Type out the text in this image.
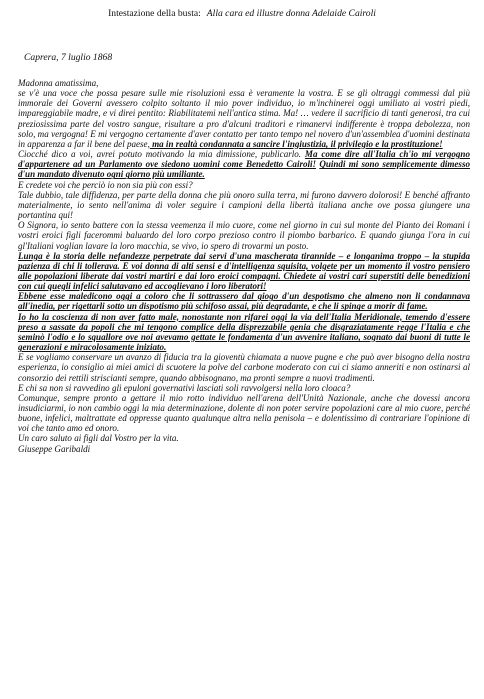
Intestazione della busta: Alla cara ed illustre donna Adelaide Cairoli
Caprera, 7 luglio 1868

Madonna amatissima,

se v'è una voce che possa pesare sulle mie risoluzioni essa è veramente la vostra. E se gli oltraggi commessi dal più immorale dei Governi avessero colpito soltanto il mio pover individuo, io m'inchinerei oggi umiliato ai vostri piedi, impareggiabile madre, e vi direi pentito: Riabilitatemi nell'antica stima. Ma! … vedere il sacrificio di tanti generosi, tra cui preziosissima parte del vostro sangue, risultare a pro d'alcuni traditori e rimanervi indifferente è troppa debolezza, non solo, ma vergogna! E mi vergogno certamente d'aver contatto per tanto tempo nel novero d'un'assemblea d'uomini destinata in apparenza a far il bene del paese, ma in realtà condannata a sancire l'ingiustizia, il privilegio e la prostituzione!

Ciocché dico a voi, avrei potuto motivando la mia dimissione, publicarlo. Ma come dire all'Italia ch'io mi vergogno d'appartenere ad un Parlamento ove siedono uomini come Benedetto Cairoli! Quindi mi sono semplicemente dimesso d'un mandato divenuto ogni giorno più umiliante.

E credete voi che perciò io non sia più con essi?

Tale dubbio, tale diffidenza, per parte della donna che più onoro sulla terra, mi furono davvero dolorosi! E benché affranto materialmente, io sento nell'anima di voler seguire i campioni della libertà italiana anche ove possa giungere una portantina qui!

O Signora, io sento battere con la stessa veemenza il mio cuore, come nel giorno in cui sul monte del Pianto dei Romani i vostri eroici figli facerommi baluardo del loro corpo prezioso contro il piombo barbarico. E quando giunga l'ora in cui gl'Italiani voglian lavare la loro macchia, se vivo, io spero di trovarmi un posto.

Lunga è la storia delle nefandezze perpetrate dai servi d'una mascherata tirannide – e longanima troppo – la stupida pazienza di chi li tollerava. E voi donna di alti sensi e d'intelligenza squisita, volgete per un momento il vostro pensiero alle popolazioni liberate dai vostri martiri e dai loro eroici compagni. Chiedete ai vostri cari superstiti delle benedizioni con cui quegli infelici salutavano ed accoglievano i loro liberatori!

Ebbene esse maledicono oggi a coloro che li sottrassero dal giogo d'un despotismo che almeno non li condannava all'inedia, per rigettarli sotto un dispotismo più schifoso assai, più degradante, e che li spinge a morir di fame.

Io ho la coscienza di non aver fatto male, nonostante non rifarei oggi la via dell'Italia Meridionale, temendo d'essere preso a sassate da popoli che mi tengono complice della disprezzabile genia che disgraziatamente regge l'Italia e che seminò l'odio e lo squallore ove noi avevamo gettate le fondamenta d'un avvenire italiano, sognato dai buoni di tutte le generazioni e miracolosamente iniziato.

E se vogliamo conservare un avanzo di fiducia tra la gioventù chiamata a nuove pugne e che può aver bisogno della nostra esperienza, io consiglio ai miei amici di scuotere la polve del carbone moderato con cui ci siamo anneriti e non ostinarsi al consorzio dei rettili striscianti sempre, quando abbisognano, ma pronti sempre a nuovi tradimenti.

E chi sa non si ravvedino gli epuloni governativi lasciati soli ravvolgersi nella loro cloaca?

Comunque, sempre pronto a gettare il mio rotto individuo nell'arena dell'Unità Nazionale, anche che dovessi ancora insudiciarmi, io non cambio oggi la mia determinazione, dolente di non poter servire popolazioni care al mio cuore, perché buone, infelici, maltrattate ed oppresse quanto qualunque altra nella penisola – e dolentissimo di contrariare l'opinione di voi che tanto amo ed onoro.

Un caro saluto ai figli dal Vostro per la vita.

Giuseppe Garibaldi
